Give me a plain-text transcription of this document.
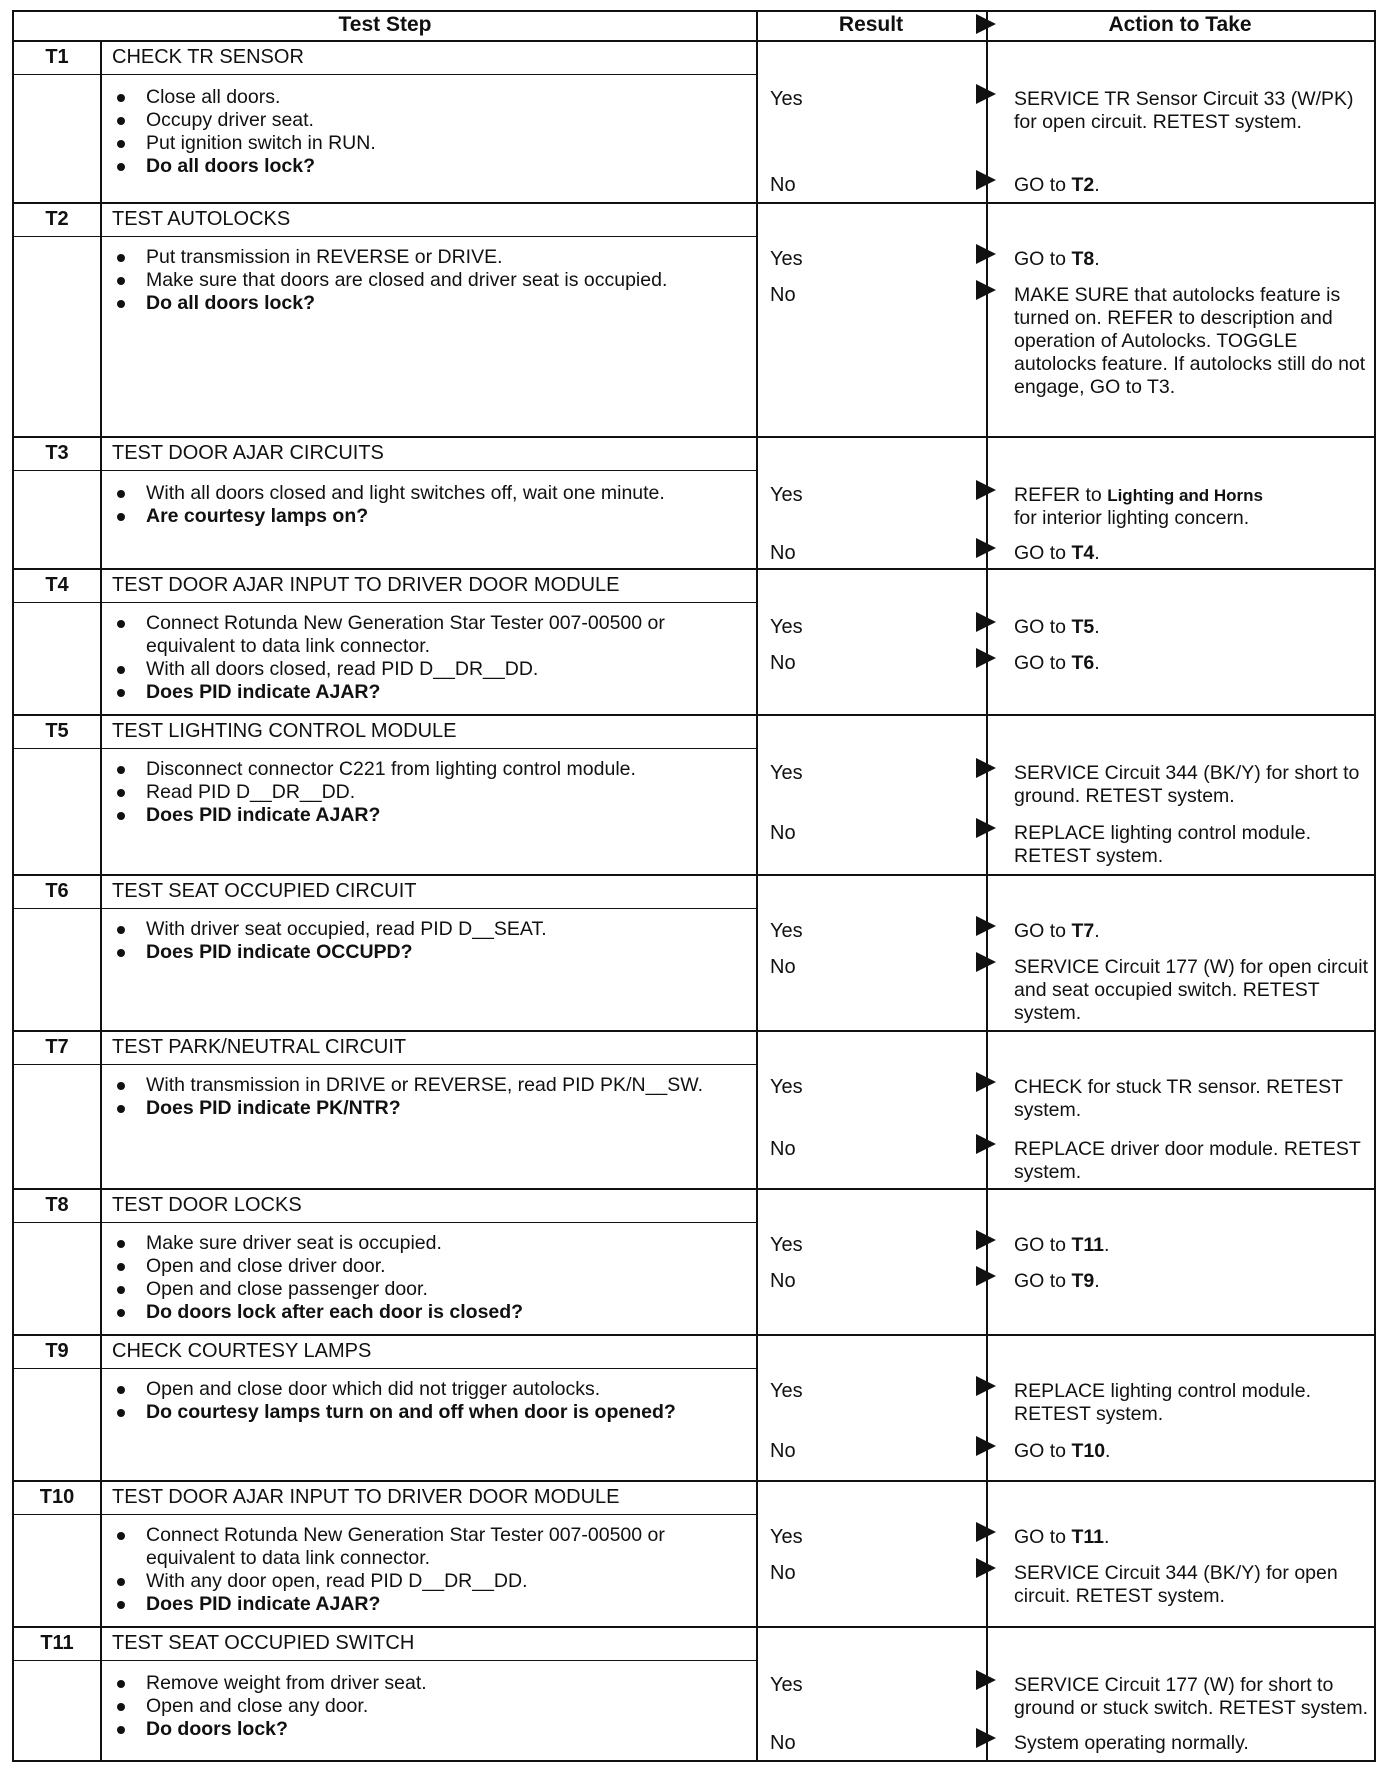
Test Step	Result	Action to Take
T1	CHECK TR SENSOR
Close all doors.
Occupy driver seat.
Put ignition switch in RUN.
Do all doors lock?
Yes	SERVICE TR Sensor Circuit 33 (W/PK) for open circuit. RETEST system.
No	GO to T2.
T2	TEST AUTOLOCKS
Put transmission in REVERSE or DRIVE.
Make sure that doors are closed and driver seat is occupied.
Do all doors lock?
Yes	GO to T8.
No	MAKE SURE that autolocks feature is turned on. REFER to description and operation of Autolocks. TOGGLE autolocks feature. If autolocks still do not engage, GO to T3.
T3	TEST DOOR AJAR CIRCUITS
With all doors closed and light switches off, wait one minute.
Are courtesy lamps on?
Yes	REFER to Lighting and Horns
for interior lighting concern.
No	GO to T4.
T4	TEST DOOR AJAR INPUT TO DRIVER DOOR MODULE
Connect Rotunda New Generation Star Tester 007-00500 or equivalent to data link connector.
With all doors closed, read PID D__DR__DD.
Does PID indicate AJAR?
Yes	GO to T5.
No	GO to T6.
T5	TEST LIGHTING CONTROL MODULE
Disconnect connector C221 from lighting control module.
Read PID D__DR__DD.
Does PID indicate AJAR?
Yes	SERVICE Circuit 344 (BK/Y) for short to ground. RETEST system.
No	REPLACE lighting control module. RETEST system.
T6	TEST SEAT OCCUPIED CIRCUIT
With driver seat occupied, read PID D__SEAT.
Does PID indicate OCCUPD?
Yes	GO to T7.
No	SERVICE Circuit 177 (W) for open circuit and seat occupied switch. RETEST system.
T7	TEST PARK/NEUTRAL CIRCUIT
With transmission in DRIVE or REVERSE, read PID PK/N__SW.
Does PID indicate PK/NTR?
Yes	CHECK for stuck TR sensor. RETEST system.
No	REPLACE driver door module. RETEST system.
T8	TEST DOOR LOCKS
Make sure driver seat is occupied.
Open and close driver door.
Open and close passenger door.
Do doors lock after each door is closed?
Yes	GO to T11.
No	GO to T9.
T9	CHECK COURTESY LAMPS
Open and close door which did not trigger autolocks.
Do courtesy lamps turn on and off when door is opened?
Yes	REPLACE lighting control module. RETEST system.
No	GO to T10.
T10	TEST DOOR AJAR INPUT TO DRIVER DOOR MODULE
Connect Rotunda New Generation Star Tester 007-00500 or equivalent to data link connector.
With any door open, read PID D__DR__DD.
Does PID indicate AJAR?
Yes	GO to T11.
No	SERVICE Circuit 344 (BK/Y) for open circuit. RETEST system.
T11	TEST SEAT OCCUPIED SWITCH
Remove weight from driver seat.
Open and close any door.
Do doors lock?
Yes	SERVICE Circuit 177 (W) for short to ground or stuck switch. RETEST system.
No	System operating normally.
